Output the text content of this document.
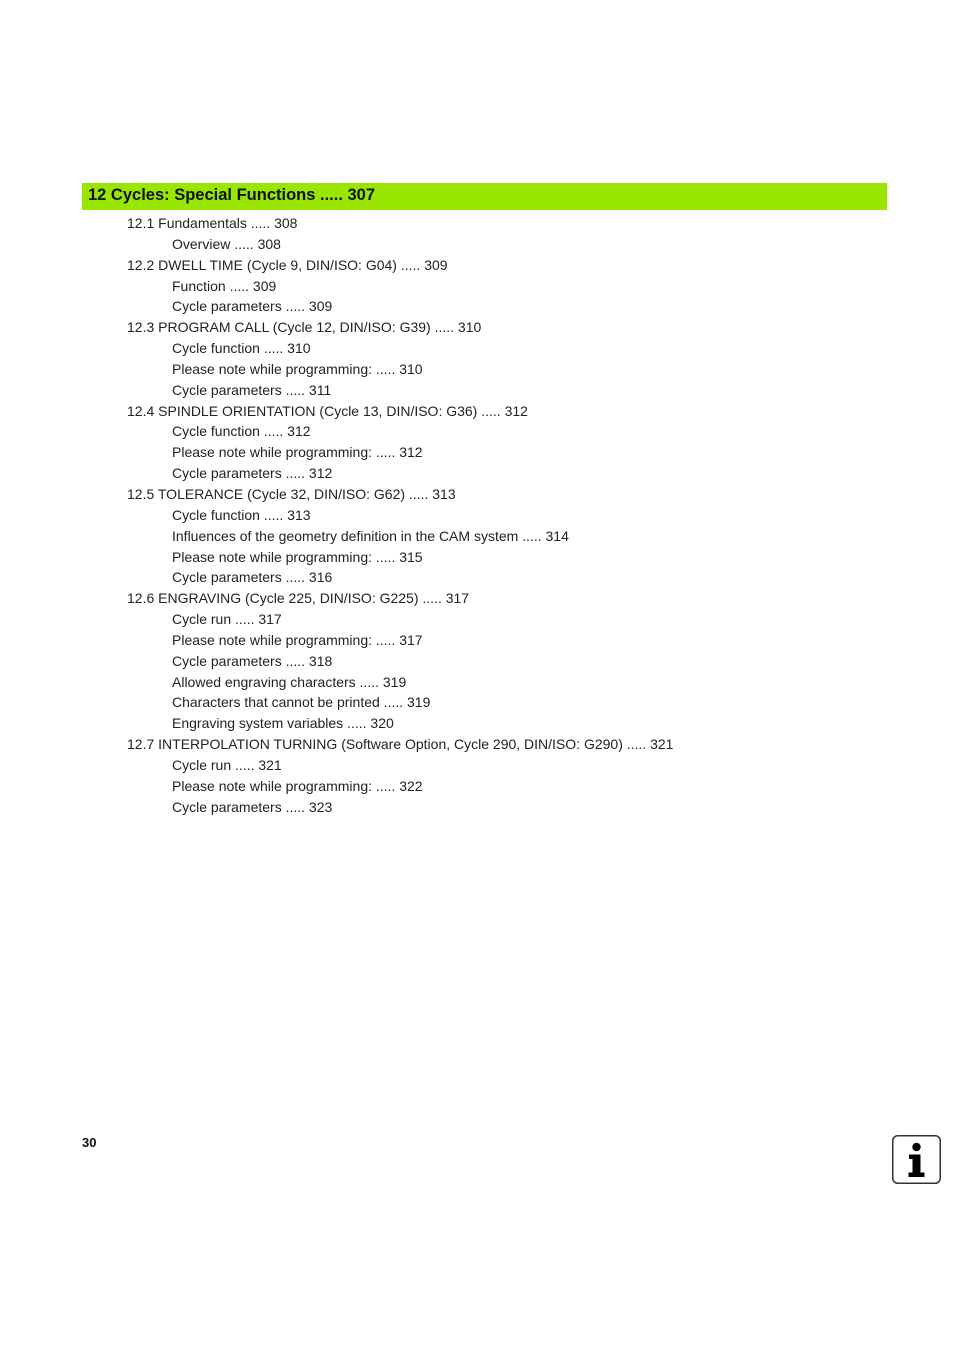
12 Cycles: Special Functions ..... 307
12.1 Fundamentals ..... 308
Overview ..... 308
12.2 DWELL TIME (Cycle 9, DIN/ISO: G04) ..... 309
Function ..... 309
Cycle parameters ..... 309
12.3 PROGRAM CALL (Cycle 12, DIN/ISO: G39) ..... 310
Cycle function ..... 310
Please note while programming: ..... 310
Cycle parameters ..... 311
12.4 SPINDLE ORIENTATION (Cycle 13, DIN/ISO: G36) ..... 312
Cycle function ..... 312
Please note while programming: ..... 312
Cycle parameters ..... 312
12.5 TOLERANCE (Cycle 32, DIN/ISO: G62) ..... 313
Cycle function ..... 313
Influences of the geometry definition in the CAM system ..... 314
Please note while programming: ..... 315
Cycle parameters ..... 316
12.6 ENGRAVING (Cycle 225, DIN/ISO: G225) ..... 317
Cycle run ..... 317
Please note while programming: ..... 317
Cycle parameters ..... 318
Allowed engraving characters ..... 319
Characters that cannot be printed ..... 319
Engraving system variables ..... 320
12.7 INTERPOLATION TURNING (Software Option, Cycle 290, DIN/ISO: G290) ..... 321
Cycle run ..... 321
Please note while programming: ..... 322
Cycle parameters ..... 323
30
